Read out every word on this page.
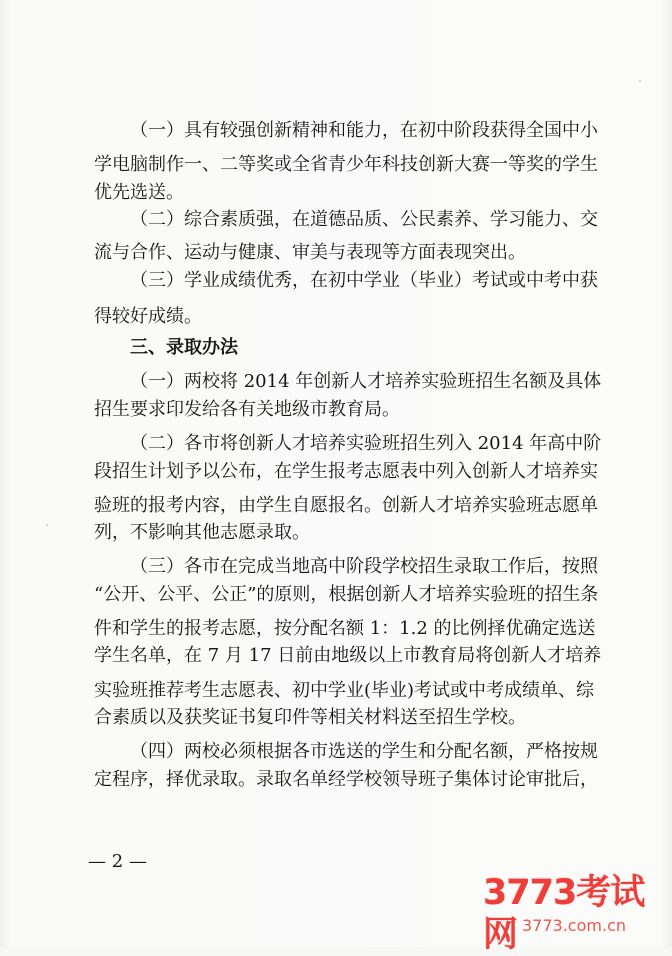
（一）具有较强创新精神和能力，在初中阶段获得全国中小
学电脑制作一、二等奖或全省青少年科技创新大赛一等奖的学生
优先选送。
（二）综合素质强，在道德品质、公民素养、学习能力、交
流与合作、运动与健康、审美与表现等方面表现突出。
（三）学业成绩优秀，在初中学业（毕业）考试或中考中获
得较好成绩。
三、录取办法
（一）两校将 2014 年创新人才培养实验班招生名额及具体
招生要求印发给各有关地级市教育局。
（二）各市将创新人才培养实验班招生列入 2014 年高中阶
段招生计划予以公布，在学生报考志愿表中列入创新人才培养实
验班的报考内容，由学生自愿报名。创新人才培养实验班志愿单
列，不影响其他志愿录取。
（三）各市在完成当地高中阶段学校招生录取工作后，按照
“公开、公平、公正”的原则，根据创新人才培养实验班的招生条
件和学生的报考志愿，按分配名额 1：1.2 的比例择优确定选送
学生名单，在 7 月 17 日前由地级以上市教育局将创新人才培养
实验班推荐考生志愿表、初中学业(毕业)考试或中考成绩单、综
合素质以及获奖证书复印件等相关材料送至招生学校。
（四）两校必须根据各市选送的学生和分配名额，严格按规
定程序，择优录取。录取名单经学校领导班子集体讨论审批后，
— 2 —
3773考试网 3773.com.cn
